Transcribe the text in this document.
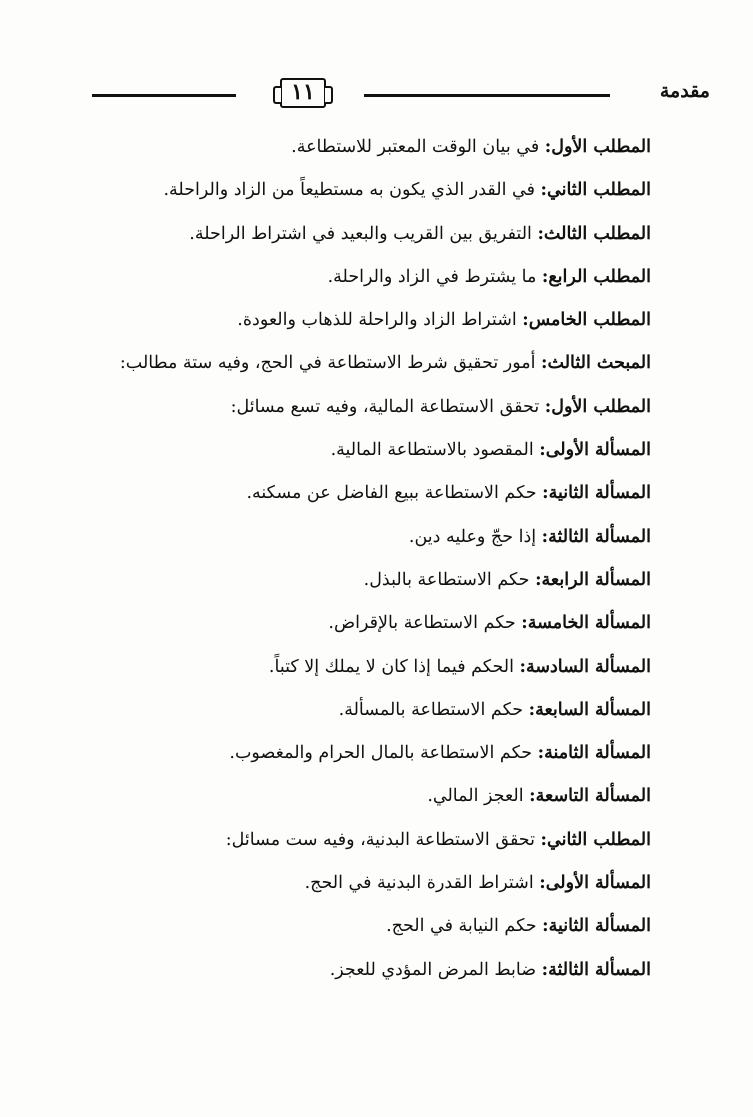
مقدمة
١١
المطلب الأول: في بيان الوقت المعتبر للاستطاعة.
المطلب الثاني: في القدر الذي يكون به مستطيعاً من الزاد والراحلة.
المطلب الثالث: التفريق بين القريب والبعيد في اشتراط الراحلة.
المطلب الرابع: ما يشترط في الزاد والراحلة.
المطلب الخامس: اشتراط الزاد والراحلة للذهاب والعودة.
المبحث الثالث: أمور تحقيق شرط الاستطاعة في الحج، وفيه ستة مطالب:
المطلب الأول: تحقق الاستطاعة المالية، وفيه تسع مسائل:
المسألة الأولى: المقصود بالاستطاعة المالية.
المسألة الثانية: حكم الاستطاعة ببيع الفاضل عن مسكنه.
المسألة الثالثة: إذا حجّ وعليه دين.
المسألة الرابعة: حكم الاستطاعة بالبذل.
المسألة الخامسة: حكم الاستطاعة بالإقراض.
المسألة السادسة: الحكم فيما إذا كان لا يملك إلا كتباً.
المسألة السابعة: حكم الاستطاعة بالمسألة.
المسألة الثامنة: حكم الاستطاعة بالمال الحرام والمغصوب.
المسألة التاسعة: العجز المالي.
المطلب الثاني: تحقق الاستطاعة البدنية، وفيه ست مسائل:
المسألة الأولى: اشتراط القدرة البدنية في الحج.
المسألة الثانية: حكم النيابة في الحج.
المسألة الثالثة: ضابط المرض المؤدي للعجز.
